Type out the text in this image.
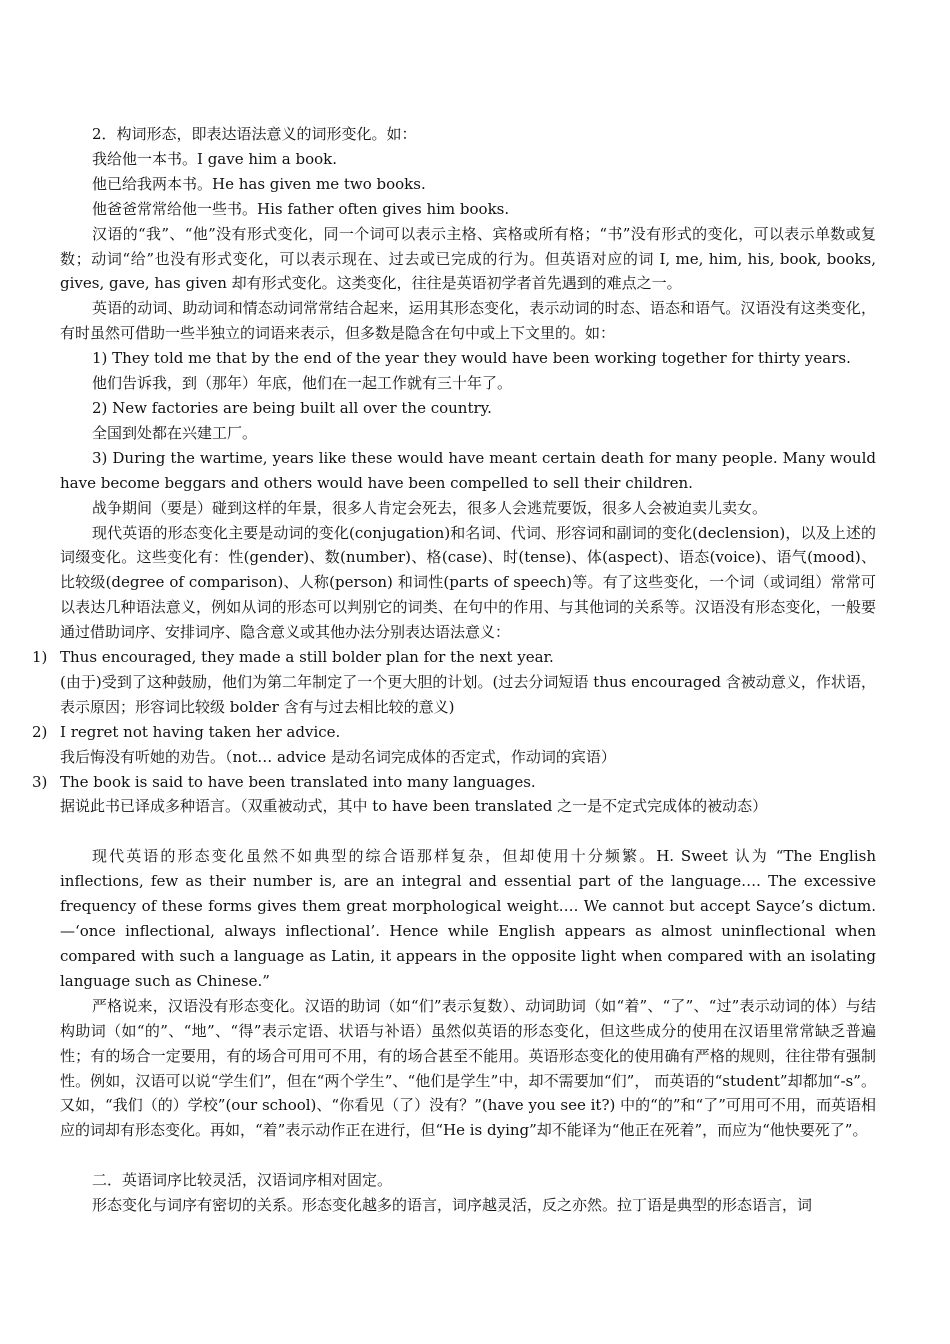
2．构词形态，即表达语法意义的词形变化。如：

我给他一本书。I gave him a book.

他已给我两本书。He has given me two books.

他爸爸常常给他一些书。His father often gives him books.

汉语的“我”、“他”没有形式变化，同一个词可以表示主格、宾格或所有格；“书”没有形式的变化，可以表示单数或复数；动词“给”也没有形式变化，可以表示现在、过去或已完成的行为。但英语对应的词 I, me, him, his, book, books, gives, gave, has given 却有形式变化。这类变化，往往是英语初学者首先遇到的难点之一。

英语的动词、助动词和情态动词常常结合起来，运用其形态变化，表示动词的时态、语态和语气。汉语没有这类变化，有时虽然可借助一些半独立的词语来表示，但多数是隐含在句中或上下文里的。如：

1) They told me that by the end of the year they would have been working together for thirty years.

他们告诉我，到（那年）年底，他们在一起工作就有三十年了。

2) New factories are being built all over the country.

全国到处都在兴建工厂。

3) During the wartime, years like these would have meant certain death for many people. Many would have become beggars and others would have been compelled to sell their children.

战争期间（要是）碰到这样的年景，很多人肯定会死去，很多人会逃荒要饭，很多人会被迫卖儿卖女。

现代英语的形态变化主要是动词的变化(conjugation)和名词、代词、形容词和副词的变化(declension)，以及上述的词缀变化。这些变化有：性(gender)、数(number)、格(case)、时(tense)、体(aspect)、语态(voice)、语气(mood)、比较级(degree of comparison)、人称(person) 和词性(parts of speech)等。有了这些变化，一个词（或词组）常常可以表达几种语法意义，例如从词的形态可以判别它的词类、在句中的作用、与其他词的关系等。汉语没有形态变化，一般要通过借助词序、安排词序、隐含意义或其他办法分别表达语法意义：

1) Thus encouraged, they made a still bolder plan for the next year.

(由于)受到了这种鼓励，他们为第二年制定了一个更大胆的计划。(过去分词短语 thus encouraged 含被动意义，作状语，表示原因；形容词比较级 bolder 含有与过去相比较的意义)

2) I regret not having taken her advice.

我后悔没有听她的劝告。（not… advice 是动名词完成体的否定式，作动词的宾语）

3) The book is said to have been translated into many languages.

据说此书已译成多种语言。（双重被动式，其中 to have been translated 之一是不定式完成体的被动态）

现代英语的形态变化虽然不如典型的综合语那样复杂，但却使用十分频繁。H. Sweet 认为 “The English inflections, few as their number is, are an integral and essential part of the language…. The excessive frequency of these forms gives them great morphological weight…. We cannot but accept Sayce’s dictum.—‘once inflectional, always inflectional’. Hence while English appears as almost uninflectional when compared with such a language as Latin, it appears in the opposite light when compared with an isolating language such as Chinese.”

严格说来，汉语没有形态变化。汉语的助词（如“们”表示复数）、动词助词（如“着”、“了”、“过”表示动词的体）与结构助词（如“的”、“地”、“得”表示定语、状语与补语）虽然似英语的形态变化，但这些成分的使用在汉语里常常缺乏普遍性；有的场合一定要用，有的场合可用可不用，有的场合甚至不能用。英语形态变化的使用确有严格的规则，往往带有强制性。例如，汉语可以说“学生们”，但在“两个学生”、“他们是学生”中，却不需要加“们”， 而英语的“student”却都加“-s”。又如，“我们（的）学校”(our school)、“你看见（了）没有？”(have you see it?) 中的“的”和“了”可用可不用，而英语相应的词却有形态变化。再如，“着”表示动作正在进行，但“He is dying”却不能译为“他正在死着”，而应为“他快要死了”。

二．英语词序比较灵活，汉语词序相对固定。

形态变化与词序有密切的关系。形态变化越多的语言，词序越灵活，反之亦然。拉丁语是典型的形态语言，词
